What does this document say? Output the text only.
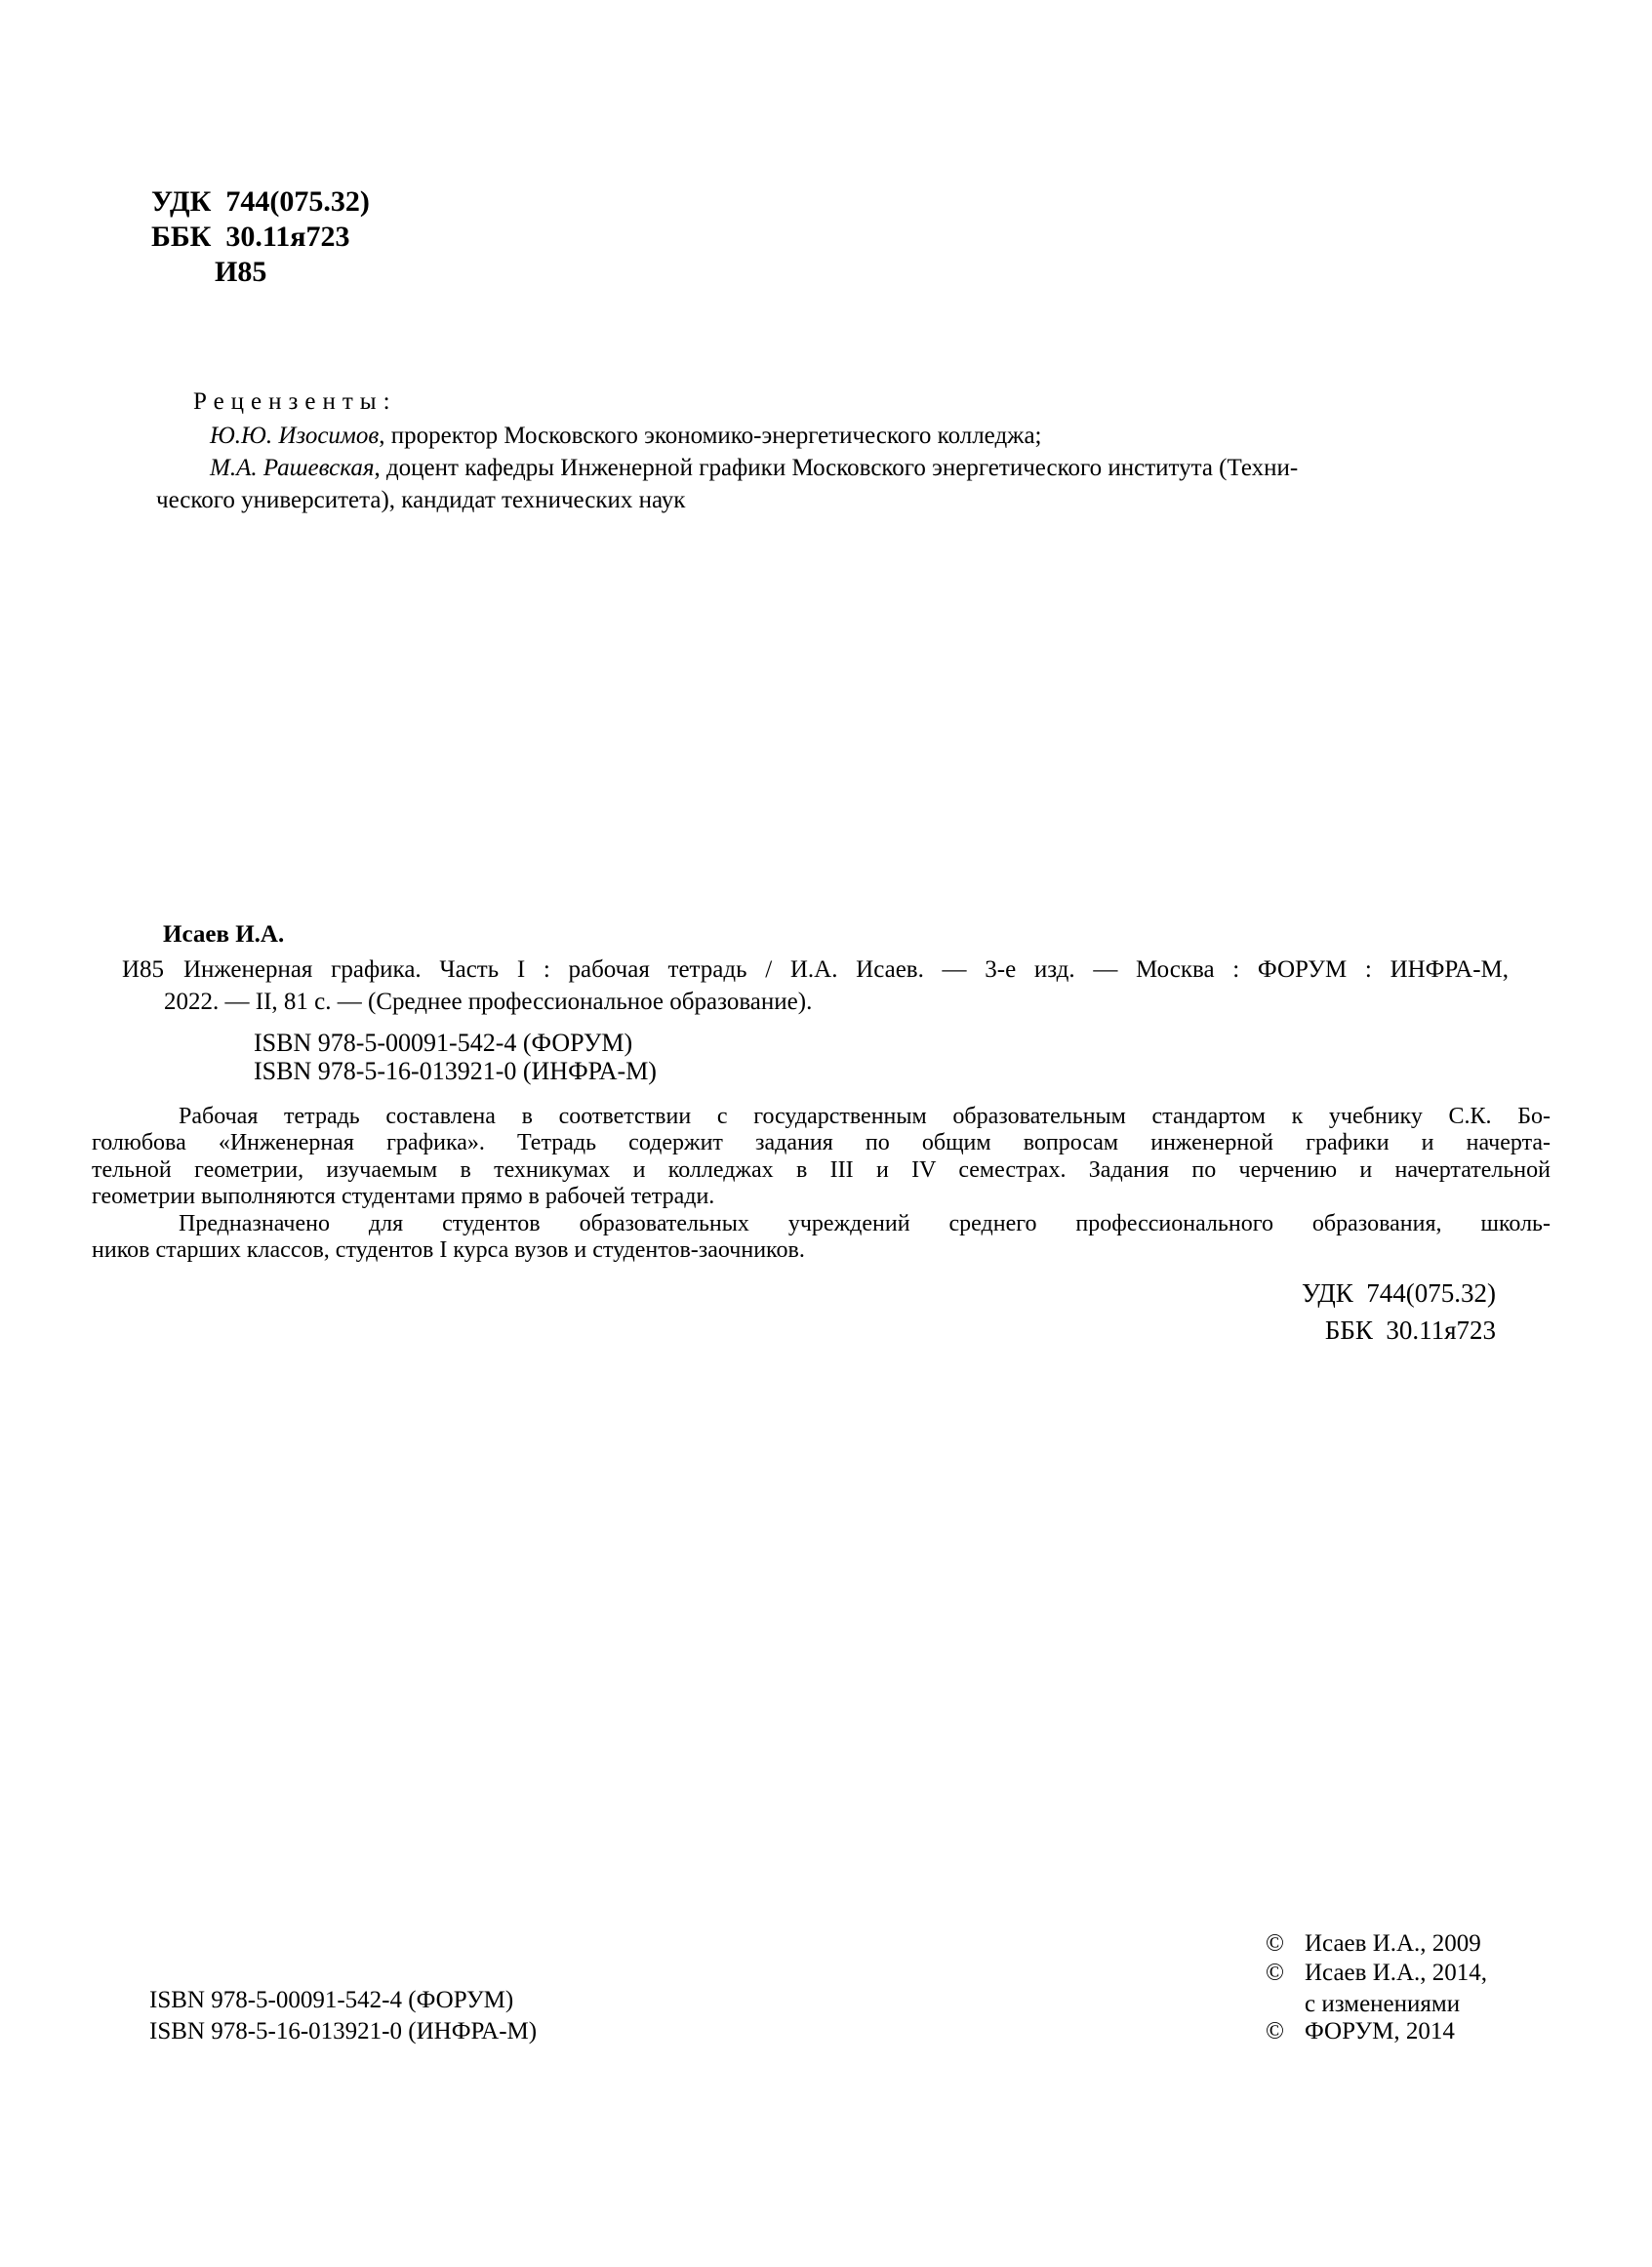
УДК  744(075.32)
ББК  30.11я723
И85
Рецензенты:
Ю.Ю. Изосимов, проректор Московского экономико-энергетического колледжа;
М.А. Рашевская, доцент кафедры Инженерной графики Московского энергетического института (Техни-
ческого университета), кандидат технических наук
Исаев И.А.
И85 Инженерная графика. Часть I : рабочая тетрадь / И.А. Исаев. — 3-е изд. — Москва : ФОРУМ : ИНФРА-М,
2022. — II, 81 с. — (Среднее профессиональное образование).
ISBN 978-5-00091-542-4 (ФОРУМ)
ISBN 978-5-16-013921-0 (ИНФРА-М)
Рабочая тетрадь составлена в соответствии с государственным образовательным стандартом к учебнику С.К. Бо-
голюбова «Инженерная графика». Тетрадь содержит задания по общим вопросам инженерной графики и начерта-
тельной геометрии, изучаемым в техникумах и колледжах в III и IV семестрах. Задания по черчению и начертательной
геометрии выполняются студентами прямо в рабочей тетради.
Предназначено для студентов образовательных учреждений среднего профессионального образования, школь-
ников старших классов, студентов I курса вузов и студентов-заочников.
УДК  744(075.32)
ББК  30.11я723
ISBN 978-5-00091-542-4 (ФОРУМ)
ISBN 978-5-16-013921-0 (ИНФРА-М)
© Исаев И.А., 2009
© Исаев И.А., 2014,
с изменениями
© ФОРУМ, 2014
